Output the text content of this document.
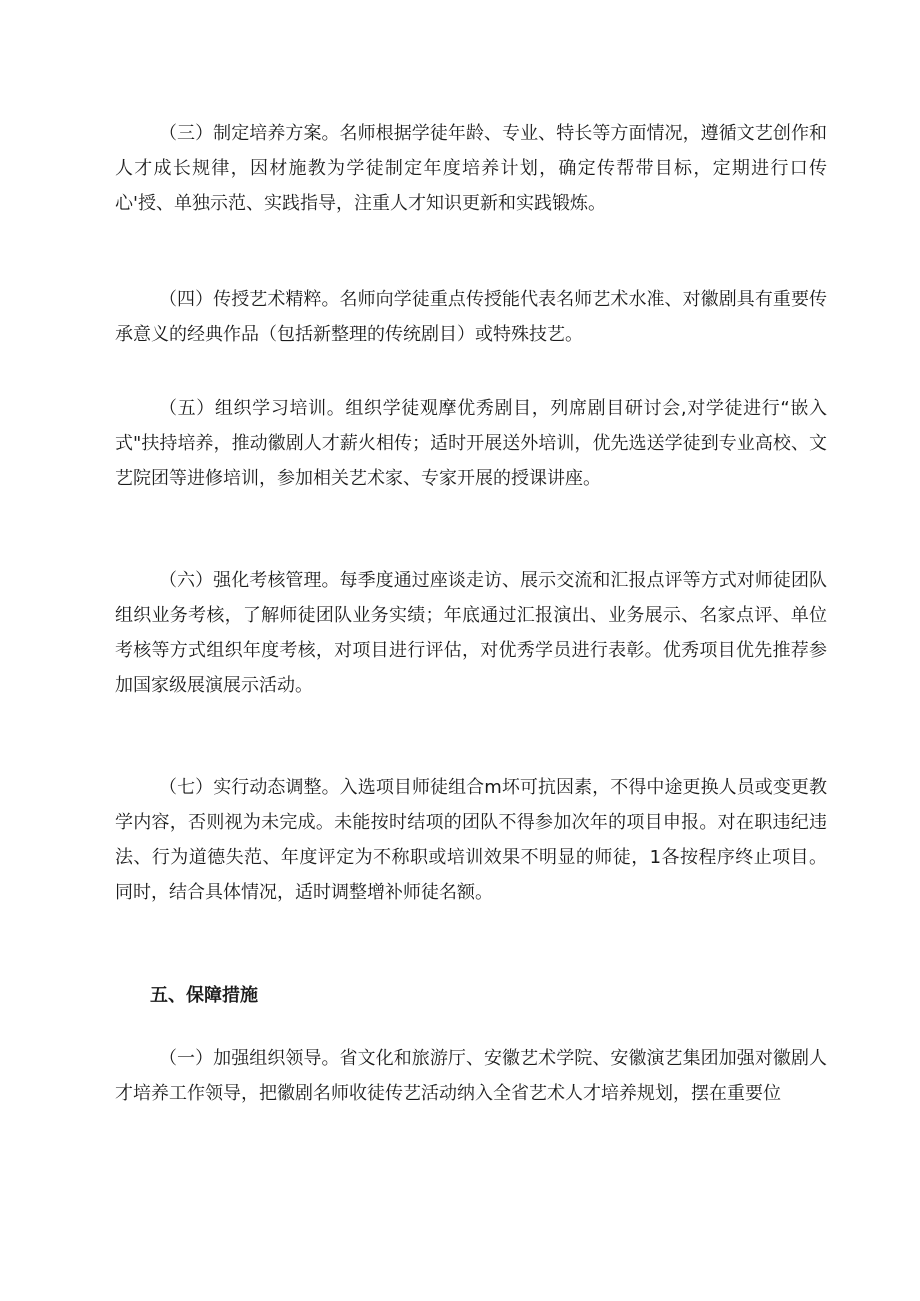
（三）制定培养方案。名师根据学徒年龄、专业、特长等方面情况，遵循文艺创作和人才成长规律，因材施教为学徒制定年度培养计划，确定传帮带目标，定期进行口传心'授、单独示范、实践指导，注重人才知识更新和实践锻炼。

（四）传授艺术精粹。名师向学徒重点传授能代表名师艺术水准、对徽剧具有重要传承意义的经典作品（包括新整理的传统剧目）或特殊技艺。

（五）组织学习培训。组织学徒观摩优秀剧目，列席剧目研讨会,对学徒进行“嵌入式"扶持培养，推动徽剧人才薪火相传；适时开展送外培训，优先选送学徒到专业高校、文艺院团等进修培训，参加相关艺术家、专家开展的授课讲座。

（六）强化考核管理。每季度通过座谈走访、展示交流和汇报点评等方式对师徒团队组织业务考核，了解师徒团队业务实绩；年底通过汇报演出、业务展示、名家点评、单位考核等方式组织年度考核，对项目进行评估，对优秀学员进行表彰。优秀项目优先推荐参加国家级展演展示活动。

（七）实行动态调整。入选项目师徒组合m坏可抗因素，不得中途更换人员或变更教学内容，否则视为未完成。未能按时结项的团队不得参加次年的项目申报。对在职违纪违法、行为道德失范、年度评定为不称职或培训效果不明显的师徒，1各按程序终止项目。同时，结合具体情况，适时调整增补师徒名额。

五、保障措施

（一）加强组织领导。省文化和旅游厅、安徽艺术学院、安徽演艺集团加强对徽剧人才培养工作领导，把徽剧名师收徒传艺活动纳入全省艺术人才培养规划，摆在重要位
